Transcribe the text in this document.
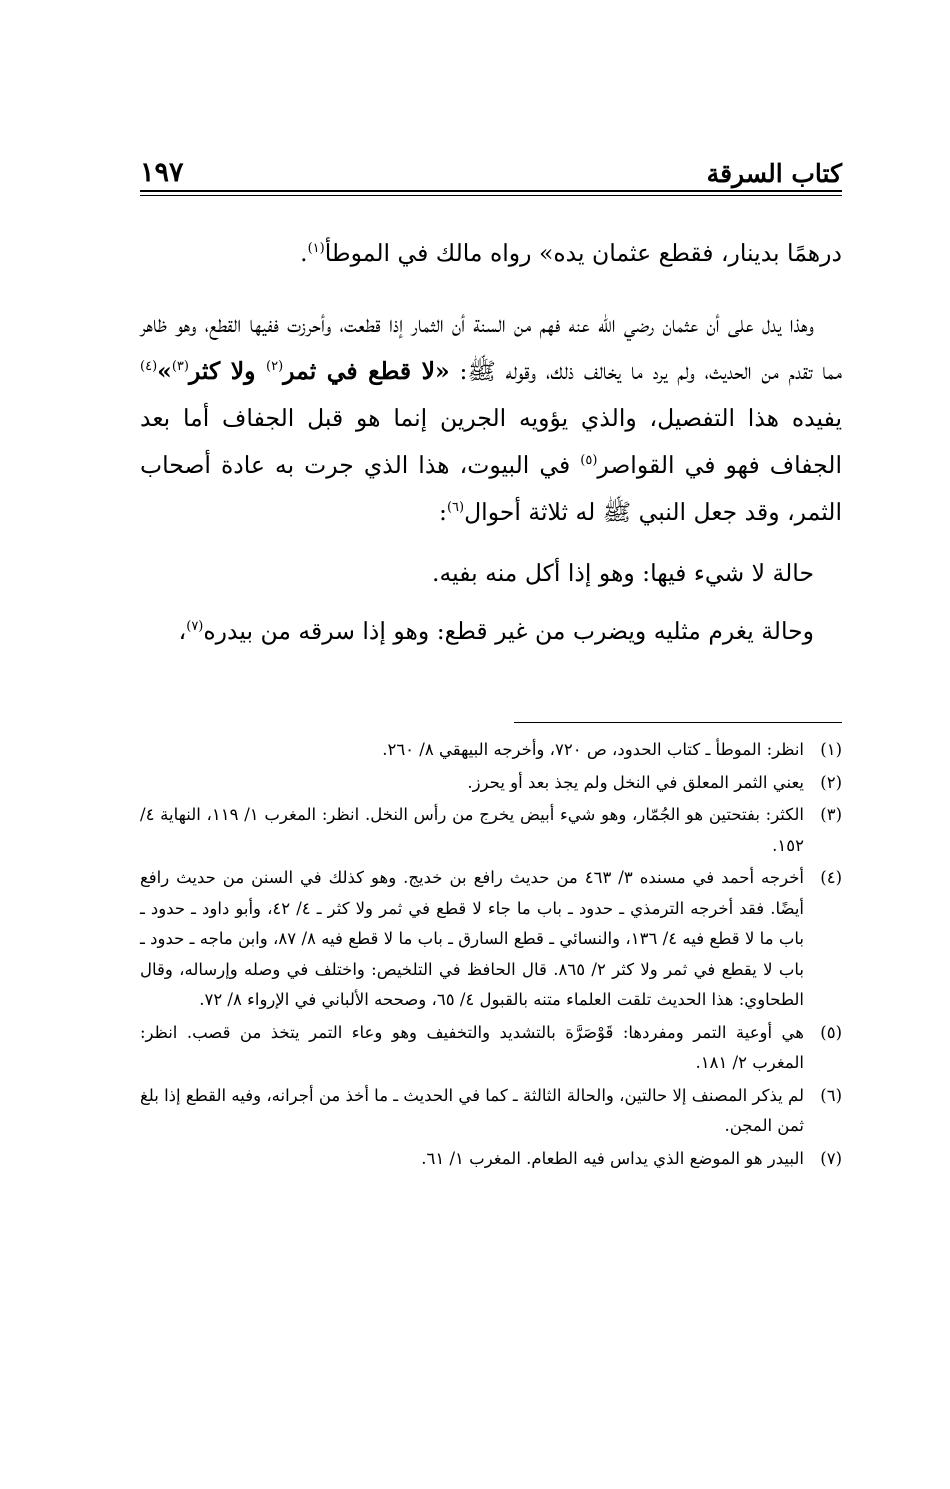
١٩٧	كتاب السرقة

درهمًا بدينار، فقطع عثمان يده» رواه مالك في الموطأ$^{(١)}$.

وهذا يدل على أن عثمان رضي الله عنه فهم من السنة أن الثمار إذا قطعت، وأحرزت ففيها القطع، وهو ظاهر مما تقدم من الحديث، ولم يرد ما يخالف ذلك، وقوله ﷺ: «لا قطع في ثمر$^{(٢)}$ ولا كثر$^{(٣)}$»$^{(٤)}$ يفيده هذا التفصيل، والذي يؤويه الجرين إنما هو قبل الجفاف أما بعد الجفاف فهو في القواصر$^{(٥)}$ في البيوت، هذا الذي جرت به عادة أصحاب الثمر، وقد جعل النبي ﷺ له ثلاثة أحوال$^{(٦)}$:

حالة لا شيء فيها: وهو إذا أكل منه بفيه.

وحالة يغرم مثليه ويضرب من غير قطع: وهو إذا سرقه من بيدره$^{(٧)}$،

(١)
انظر: الموطأ ـ كتاب الحدود، ص ٧٢٠، وأخرجه البيهقي ٨/ ٢٦٠.
(٢)
يعني الثمر المعلق في النخل ولم يجذ بعد أو يحرز.
(٣)
الكثر: بفتحتين هو الجُمّار، وهو شيء أبيض يخرج من رأس النخل. انظر: المغرب ١/ ١١٩، النهاية ٤/ ١٥٢.
(٤)
أخرجه أحمد في مسنده ٣/ ٤٦٣ من حديث رافع بن خديج. وهو كذلك في السنن من حديث رافع أيضًا. فقد أخرجه الترمذي ـ حدود ـ باب ما جاء لا قطع في ثمر ولا كثر ـ ٤/ ٤٢، وأبو داود ـ حدود ـ باب ما لا قطع فيه ٤/ ١٣٦، والنسائي ـ قطع السارق ـ باب ما لا قطع فيه ٨/ ٨٧، وابن ماجه ـ حدود ـ باب لا يقطع في ثمر ولا كثر ٢/ ٨٦٥. قال الحافظ في التلخيص: واختلف في وصله وإرساله، وقال الطحاوي: هذا الحديث تلقت العلماء متنه بالقبول ٤/ ٦٥، وصححه الألباني في الإرواء ٨/ ٧٢.
(٥)
هي أوعية التمر ومفردها: قَوْصَرَّة بالتشديد والتخفيف وهو وعاء التمر يتخذ من قصب. انظر: المغرب ٢/ ١٨١.
(٦)
لم يذكر المصنف إلا حالتين، والحالة الثالثة ـ كما في الحديث ـ ما أخذ من أجرانه، وفيه القطع إذا بلغ ثمن المجن.
(٧)
البيدر هو الموضع الذي يداس فيه الطعام. المغرب ١/ ٦١.
